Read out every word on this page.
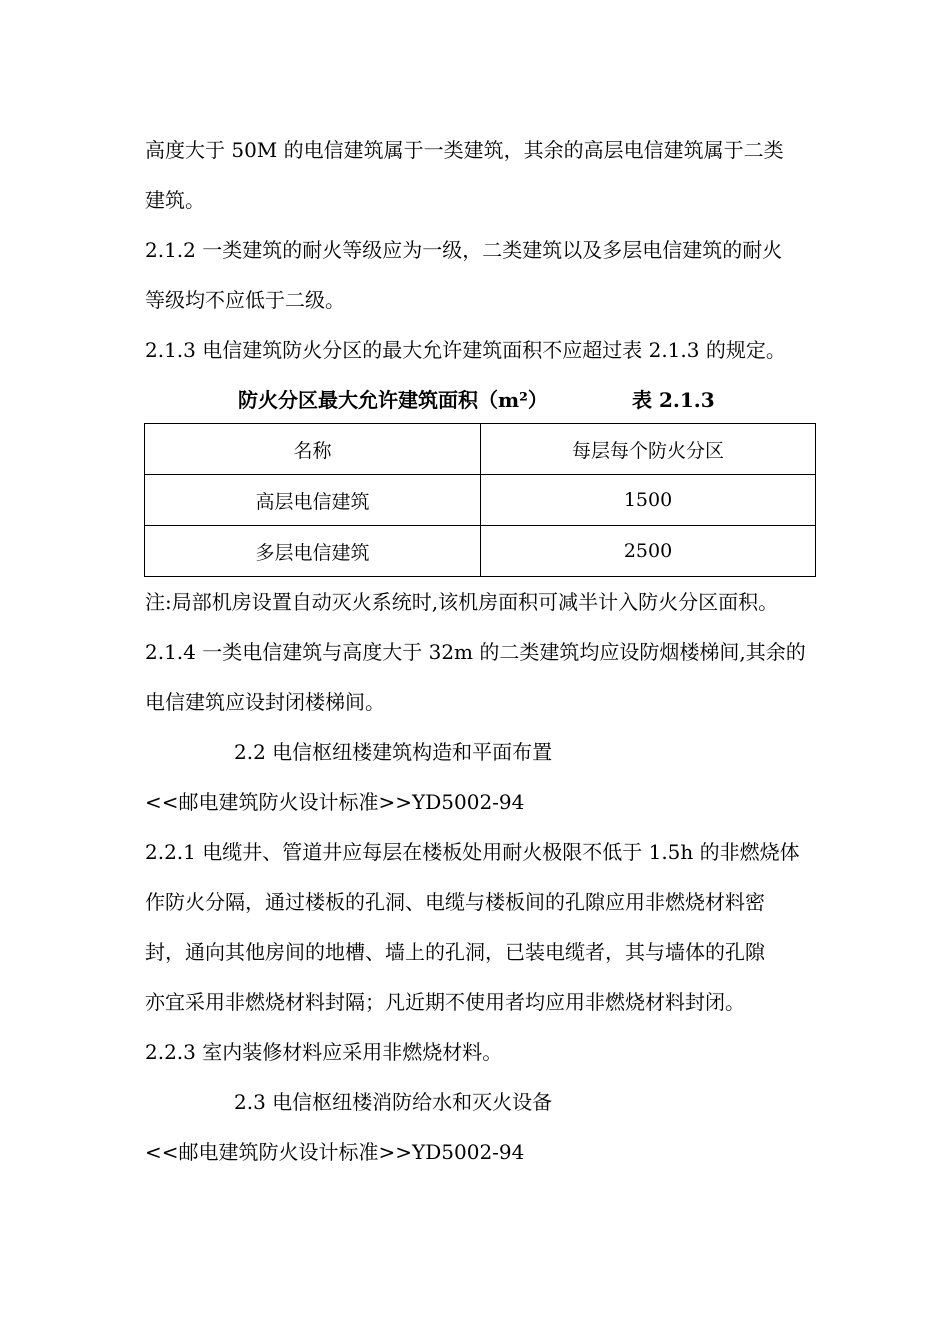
高度大于 50M 的电信建筑属于一类建筑，其余的高层电信建筑属于二类

建筑。

2.1.2 一类建筑的耐火等级应为一级，二类建筑以及多层电信建筑的耐火

等级均不应低于二级。

2.1.3 电信建筑防火分区的最大允许建筑面积不应超过表 2.1.3 的规定。

防火分区最大允许建筑面积（m²）	表 2.1.3
名称	每层每个防火分区
高层电信建筑	1500
多层电信建筑	2500

注:局部机房设置自动灭火系统时,该机房面积可减半计入防火分区面积。

2.1.4 一类电信建筑与高度大于 32m 的二类建筑均应设防烟楼梯间,其余的

电信建筑应设封闭楼梯间。

2.2 电信枢纽楼建筑构造和平面布置

<<邮电建筑防火设计标准>>YD5002-94

2.2.1 电缆井、管道井应每层在楼板处用耐火极限不低于 1.5h 的非燃烧体

作防火分隔，通过楼板的孔洞、电缆与楼板间的孔隙应用非燃烧材料密

封，通向其他房间的地槽、墙上的孔洞，已装电缆者，其与墙体的孔隙

亦宜采用非燃烧材料封隔；凡近期不使用者均应用非燃烧材料封闭。

2.2.3 室内装修材料应采用非燃烧材料。

2.3 电信枢纽楼消防给水和灭火设备

<<邮电建筑防火设计标准>>YD5002-94
